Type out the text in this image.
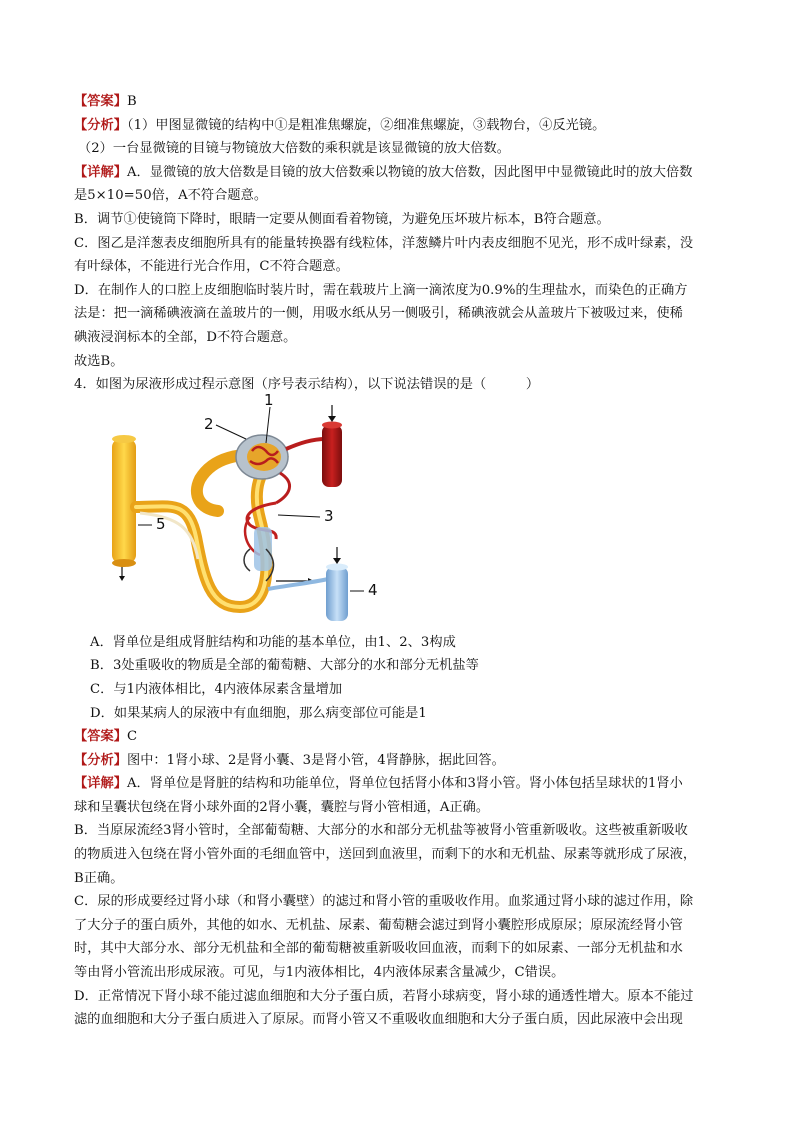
【答案】B

【分析】（1）甲图显微镜的结构中①是粗准焦螺旋，②细准焦螺旋，③载物台，④反光镜。

（2）一台显微镜的目镜与物镜放大倍数的乘积就是该显微镜的放大倍数。

【详解】A．显微镜的放大倍数是目镜的放大倍数乘以物镜的放大倍数，因此图甲中显微镜此时的放大倍数

是5×10=50倍，A不符合题意。

B．调节①使镜筒下降时，眼睛一定要从侧面看着物镜，为避免压坏玻片标本，B符合题意。

C．图乙是洋葱表皮细胞所具有的能量转换器有线粒体，洋葱鳞片叶内表皮细胞不见光，形不成叶绿素，没

有叶绿体，不能进行光合作用，C不符合题意。

D．在制作人的口腔上皮细胞临时装片时，需在载玻片上滴一滴浓度为0.9%的生理盐水，而染色的正确方

法是：把一滴稀碘液滴在盖玻片的一侧，用吸水纸从另一侧吸引，稀碘液就会从盖玻片下被吸过来，使稀

碘液浸润标本的全部，D不符合题意。

故选B。

4．如图为尿液形成过程示意图（序号表示结构），以下说法错误的是（　　　）

1
2
3
4
5

A．肾单位是组成肾脏结构和功能的基本单位，由1、2、3构成

B．3处重吸收的物质是全部的葡萄糖、大部分的水和部分无机盐等

C．与1内液体相比，4内液体尿素含量增加

D．如果某病人的尿液中有血细胞，那么病变部位可能是1

【答案】C

【分析】图中：1肾小球、2是肾小囊、3是肾小管，4肾静脉，据此回答。

【详解】A．肾单位是肾脏的结构和功能单位，肾单位包括肾小体和3肾小管。肾小体包括呈球状的1肾小

球和呈囊状包绕在肾小球外面的2肾小囊，囊腔与肾小管相通，A正确。

B．当原尿流经3肾小管时，全部葡萄糖、大部分的水和部分无机盐等被肾小管重新吸收。这些被重新吸收

的物质进入包绕在肾小管外面的毛细血管中，送回到血液里，而剩下的水和无机盐、尿素等就形成了尿液，

B正确。

C．尿的形成要经过肾小球（和肾小囊壁）的滤过和肾小管的重吸收作用。血浆通过肾小球的滤过作用，除

了大分子的蛋白质外，其他的如水、无机盐、尿素、葡萄糖会滤过到肾小囊腔形成原尿；原尿流经肾小管

时，其中大部分水、部分无机盐和全部的葡萄糖被重新吸收回血液，而剩下的如尿素、一部分无机盐和水

等由肾小管流出形成尿液。可见，与1内液体相比，4内液体尿素含量减少，C错误。

D．正常情况下肾小球不能过滤血细胞和大分子蛋白质，若肾小球病变，肾小球的通透性增大。原本不能过

滤的血细胞和大分子蛋白质进入了原尿。而肾小管又不重吸收血细胞和大分子蛋白质，因此尿液中会出现
